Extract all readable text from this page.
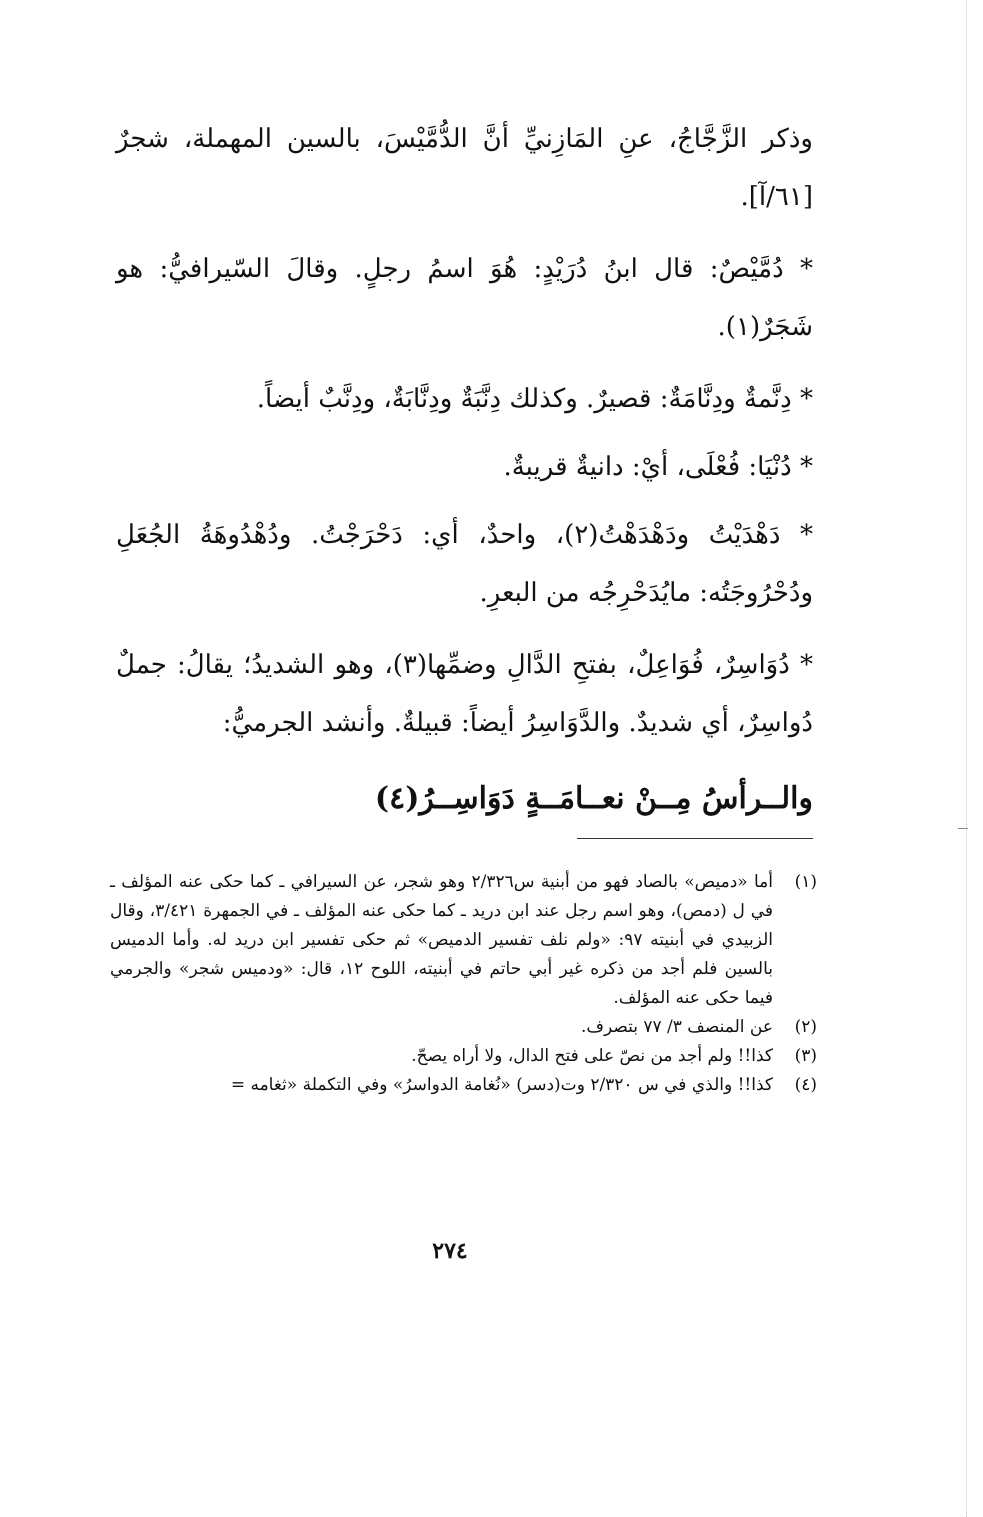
وذكر الزَّجَّاجُ، عنِ المَازِنيِّ أنَّ الدُّمَّيْسَ، بالسين المهملة، شجرٌ [٦١/آ].

* دُمَّيْصٌ: قال ابنُ دُرَيْدٍ: هُوَ اسمُ رجلٍ. وقالَ السّيرافيُّ: هو شَجَرٌ(١).

* دِنَّمةٌ ودِنَّامَةٌ: قصيرٌ. وكذلك دِنَّبَةٌ ودِنَّابَةٌ، ودِنَّبٌ أيضاً.

* دُنْيَا: فُعْلَى، أيْ: دانيةٌ قريبةٌ.

* دَهْدَيْتُ ودَهْدَهْتُ(٢)، واحدٌ، أي: دَحْرَجْتُ. ودُهْدُوهَةُ الجُعَلِ ودُحْرُوجَتُه: مايُدَحْرِجُه من البعرِ.

* دُوَاسِرٌ، فُوَاعِلٌ، بفتحِ الدَّالِ وضمِّها(٣)، وهو الشديدُ؛ يقالُ: جملٌ دُواسِرٌ، أي شديدٌ. والدَّوَاسِرُ أيضاً: قبيلةٌ. وأنشد الجرميُّ:

والــرأسُ مِــنْ نعــامَــةٍ دَوَاسِــرُ(٤)
(١)
أما «دميص» بالصاد فهو من أبنية س٢/٣٢٦ وهو شجر، عن السيرافي ـ كما حكى عنه المؤلف ـ في ل (دمص)، وهو اسم رجل عند ابن دريد ـ كما حكى عنه المؤلف ـ في الجمهرة ٣/٤٢١، وقال الزبيدي في أبنيته ٩٧: «ولم نلف تفسير الدميص» ثم حكى تفسير ابن دريد له. وأما الدميس بالسين فلم أجد من ذكره غير أبي حاتم في أبنيته، اللوح ١٢، قال: «ودميس شجر» والجرمي فيما حكى عنه المؤلف.
(٢)
عن المنصف ٣/ ٧٧ بتصرف.
(٣)
كذا!! ولم أجد من نصّ على فتح الدال، ولا أراه يصحّ.
(٤)
كذا!! والذي في س ٢/٣٢٠ وت(دسر) «نُغامة الدواسرُ» وفي التكملة «ثغامه =
٢٧٤
